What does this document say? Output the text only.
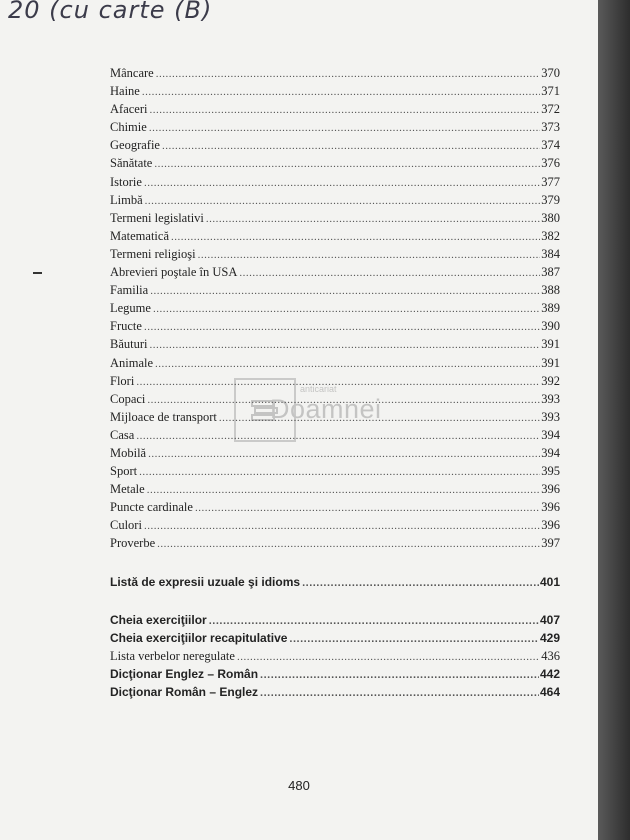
20 (cu carte (B)
anticariat
Doamnei
Mâncare .....	370
Haine .....	371
Afaceri .....	372
Chimie .....	373
Geografie .....	374
Sănătate .....	376
Istorie .....	377
Limbă .....	379
Termeni legislativi .....	380
Matematică .....	382
Termeni religioşi .....	384
Abrevieri poştale în USA .....	387
Familia .....	388
Legume .....	389
Fructe .....	390
Băuturi .....	391
Animale .....	391
Flori .....	392
Copaci .....	393
Mijloace de transport .....	393
Casa .....	394
Mobilă .....	394
Sport .....	395
Metale .....	396
Puncte cardinale .....	396
Culori .....	396
Proverbe .....	397
Listă de expresii uzuale şi idioms .....	401
Cheia exerciţiilor .....	407
Cheia exerciţiilor recapitulative .....	429
Lista verbelor neregulate .....	436
Dicţionar Englez – Român .....	442
Dicţionar Român – Englez .....	464
480
